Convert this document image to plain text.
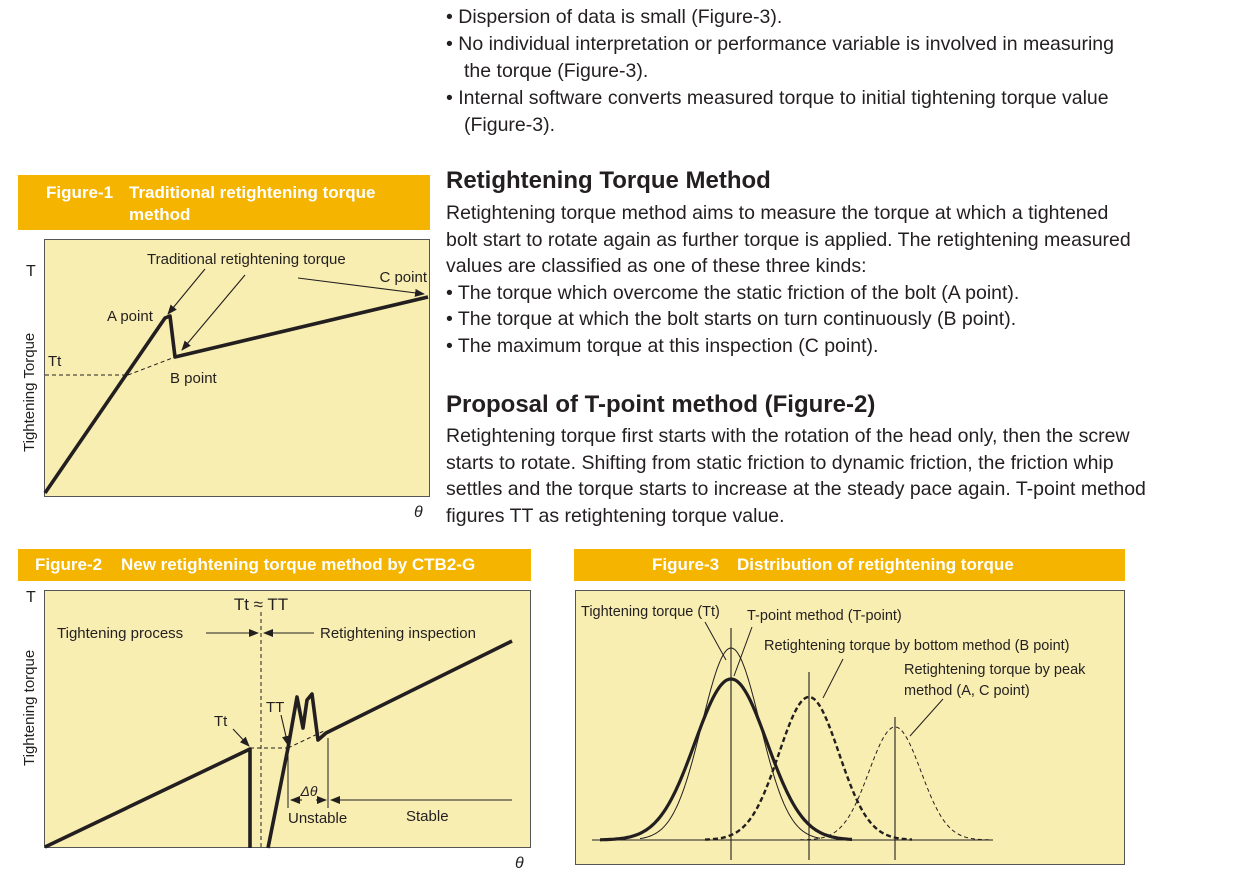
• Dispersion of data is small (Figure-3).
• No individual interpretation or performance variable is involved in measuring
the torque (Figure-3).
• Internal software converts measured torque to initial tightening torque value
(Figure-3).
Retightening Torque Method
Retightening torque method aims to measure the torque at which a tightened
bolt start to rotate again as further torque is applied. The retightening measured
values are classified as one of these three kinds:
• The torque which overcome the static friction of the bolt (A point).
• The torque at which the bolt starts on turn continuously (B point).
• The maximum torque at this inspection (C point).
Proposal of T-point method (Figure-2)
Retightening torque first starts with the rotation of the head only, then the screw
starts to rotate. Shifting from static friction to dynamic friction, the friction whip
settles and the torque starts to increase at the steady pace again. T-point method
figures TT as retightening torque value.
Figure-1 Traditional retightening torque
method
Traditional retightening torque
C point
A point
Tt
B point
T
Tightening Torque
θ
Figure-2 New retightening torque method by CTB2-G
Tt ≈ TT
Tightening process	Retightening inspection
Tt
TT
Δθ
Unstable	Stable
T
Tightening torque
θ
Figure-3 Distribution of retightening torque
Tightening torque (Tt) T-point method (T-point)
Retightening torque by bottom method (B point)
Retightening torque by peak
method (A, C point)
